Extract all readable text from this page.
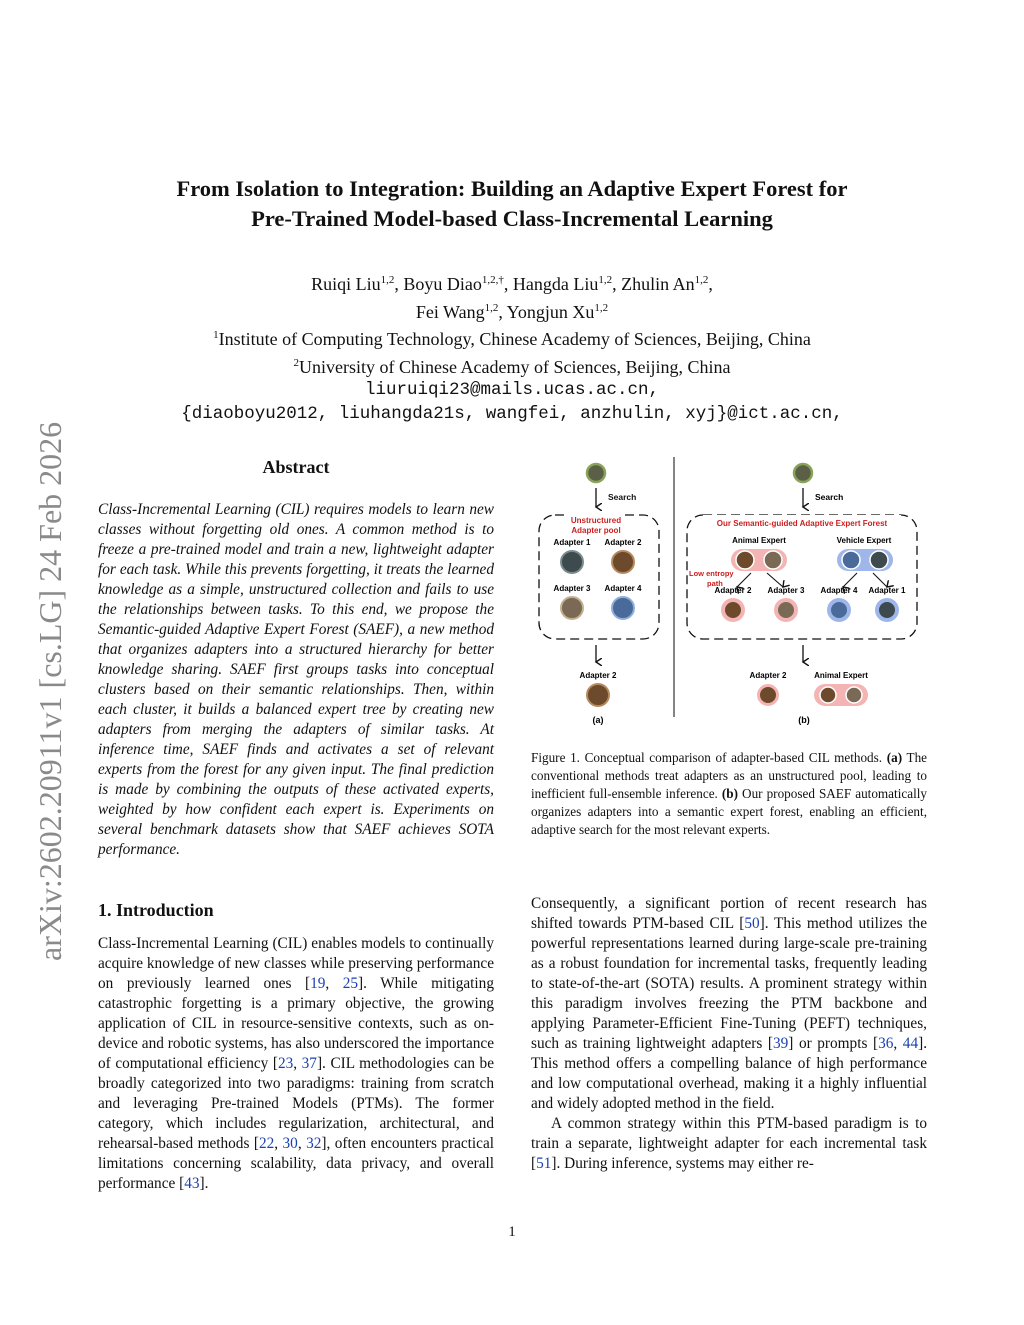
arXiv:2602.20911v1 [cs.LG] 24 Feb 2026
From Isolation to Integration: Building an Adaptive Expert Forest for
Pre-Trained Model-based Class-Incremental Learning
Ruiqi Liu$^{1,2}$, Boyu Diao$^{1,2,\dagger}$, Hangda Liu$^{1,2}$, Zhulin An$^{1,2}$,
Fei Wang$^{1,2}$, Yongjun Xu$^{1,2}$
$^1$Institute of Computing Technology, Chinese Academy of Sciences, Beijing, China
$^2$University of Chinese Academy of Sciences, Beijing, China
liuruiqi23@mails.ucas.ac.cn,
{diaoboyu2012, liuhangda21s, wangfei, anzhulin, xyj}@ict.ac.cn,
Abstract

Class-Incremental Learning (CIL) requires models to learn new classes without forgetting old ones. A common method is to freeze a pre-trained model and train a new, lightweight adapter for each task. While this prevents forgetting, it treats the learned knowledge as a simple, unstructured collection and fails to use the relationships between tasks. To this end, we propose the Semantic-guided Adaptive Expert Forest (SAEF), a new method that organizes adapters into a structured hierarchy for better knowledge sharing. SAEF first groups tasks into conceptual clusters based on their semantic relationships. Then, within each cluster, it builds a balanced expert tree by creating new adapters from merging the adapters of similar tasks. At inference time, SAEF finds and activates a set of relevant experts from the forest for any given input. The final prediction is made by combining the outputs of these activated experts, weighted by how confident each expert is. Experiments on several benchmark datasets show that SAEF achieves SOTA performance.

Search
Unstructured
Adapter pool
Adapter 1 Adapter 2
Adapter 3 Adapter 4
Adapter 2
(a)
Search
Our Semantic-guided Adaptive Expert Forest
Animal Expert	Vehicle Expert
Low entropy
path
Adapter 2 Adapter 3 Adapter 4 Adapter 1
Adapter 2	Animal Expert
(b)

Figure 1. Conceptual comparison of adapter-based CIL methods. (a) The conventional methods treat adapters as an unstructured pool, leading to inefficient full-ensemble inference. (b) Our proposed SAEF automatically organizes adapters into a semantic expert forest, enabling an efficient, adaptive search for the most relevant experts.

1. Introduction

Class-Incremental Learning (CIL) enables models to continually acquire knowledge of new classes while preserving performance on previously learned ones [19, 25]. While mitigating catastrophic forgetting is a primary objective, the growing application of CIL in resource-sensitive contexts, such as on-device and robotic systems, has also underscored the importance of computational efficiency [23, 37]. CIL methodologies can be broadly categorized into two paradigms: training from scratch and leveraging Pre-trained Models (PTMs). The former category, which includes regularization, architectural, and rehearsal-based methods [22, 30, 32], often encounters practical limitations concerning scalability, data privacy, and overall performance [43].

Consequently, a significant portion of recent research has shifted towards PTM-based CIL [50]. This method utilizes the powerful representations learned during large-scale pre-training as a robust foundation for incremental tasks, frequently leading to state-of-the-art (SOTA) results. A prominent strategy within this paradigm involves freezing the PTM backbone and applying Parameter-Efficient Fine-Tuning (PEFT) techniques, such as training lightweight adapters [39] or prompts [36, 44]. This method offers a compelling balance of high performance and low computational overhead, making it a highly influential and widely adopted method in the field.

A common strategy within this PTM-based paradigm is to train a separate, lightweight adapter for each incremental task [51]. During inference, systems may either re-

1
